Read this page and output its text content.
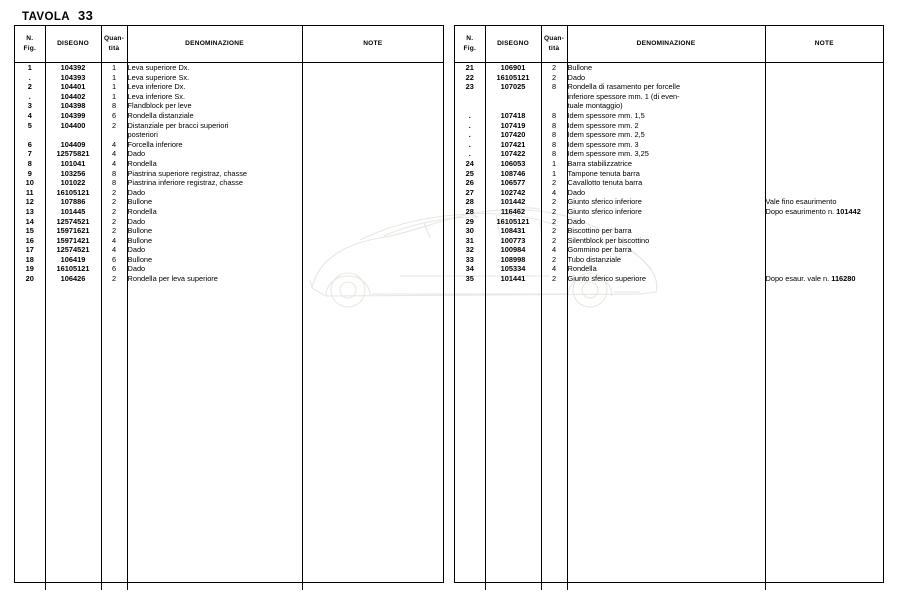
TAVOLA 33
N.
Fig.
	DISEGNO	
Quan-
tità
	DENOMINAZIONE	NOTE
1	104392	1	Leva superiore Dx.	
.	104393	1	Leva superiore Sx.	
2	104401	1	Leva inferiore Dx.	
.	104402	1	Leva inferiore Sx.	
3	104398	8	Flandblock per leve	
4	104399	6	Rondella distanziale	
5	104400	2	Distanziale per bracci superiori	
			posteriori	
6	104409	4	Forcella inferiore	
7	12575821	4	Dado	
8	101041	4	Rondella	
9	103256	8	Piastrina superiore registraz, chasse	
10	101022	8	Piastrina inferiore registraz, chasse	
11	16105121	2	Dado	
12	107886	2	Bullone	
13	101445	2	Rondella	
14	12574521	2	Dado	
15	15971621	2	Bullone	
16	15971421	4	Bullone	
17	12574521	4	Dado	
18	106419	6	Bullone	
19	16105121	6	Dado	
20	106426	2	Rondella per leva superiore	

N.
Fig.
	DISEGNO	
Quan-
tità
	DENOMINAZIONE	NOTE
21	106901	2	Bullone	
22	16105121	2	Dado	
23	107025	8	Rondella di rasamento per forcelle	
			inferiore spessore mm. 1 (di even-	
			tuale montaggio)	
.	107418	8	Idem spessore mm. 1,5	
.	107419	8	Idem spessore mm. 2	
.	107420	8	Idem spessore mm. 2,5	
.	107421	8	Idem spessore mm. 3	
.	107422	8	Idem spessore mm. 3,25	
24	106053	1	Barra stabilizzatrice	
25	108746	1	Tampone tenuta barra	
26	106577	2	Cavallotto tenuta barra	
27	102742	4	Dado	
28	101442	2	Giunto sferico inferiore	Vale fino esaurimento
28	116462	2	Giunto sferico inferiore	Dopo esaurimento n. 101442
29	16105121	2	Dado	
30	108431	2	Biscottino per barra	
31	100773	2	Silentblock per biscottino	
32	100984	4	Gommino per barra	
33	108998	2	Tubo distanziale	
34	105334	4	Rondella	
35	101441	2	Giunto sferico superiore	Dopo esaur. vale n. 116280
